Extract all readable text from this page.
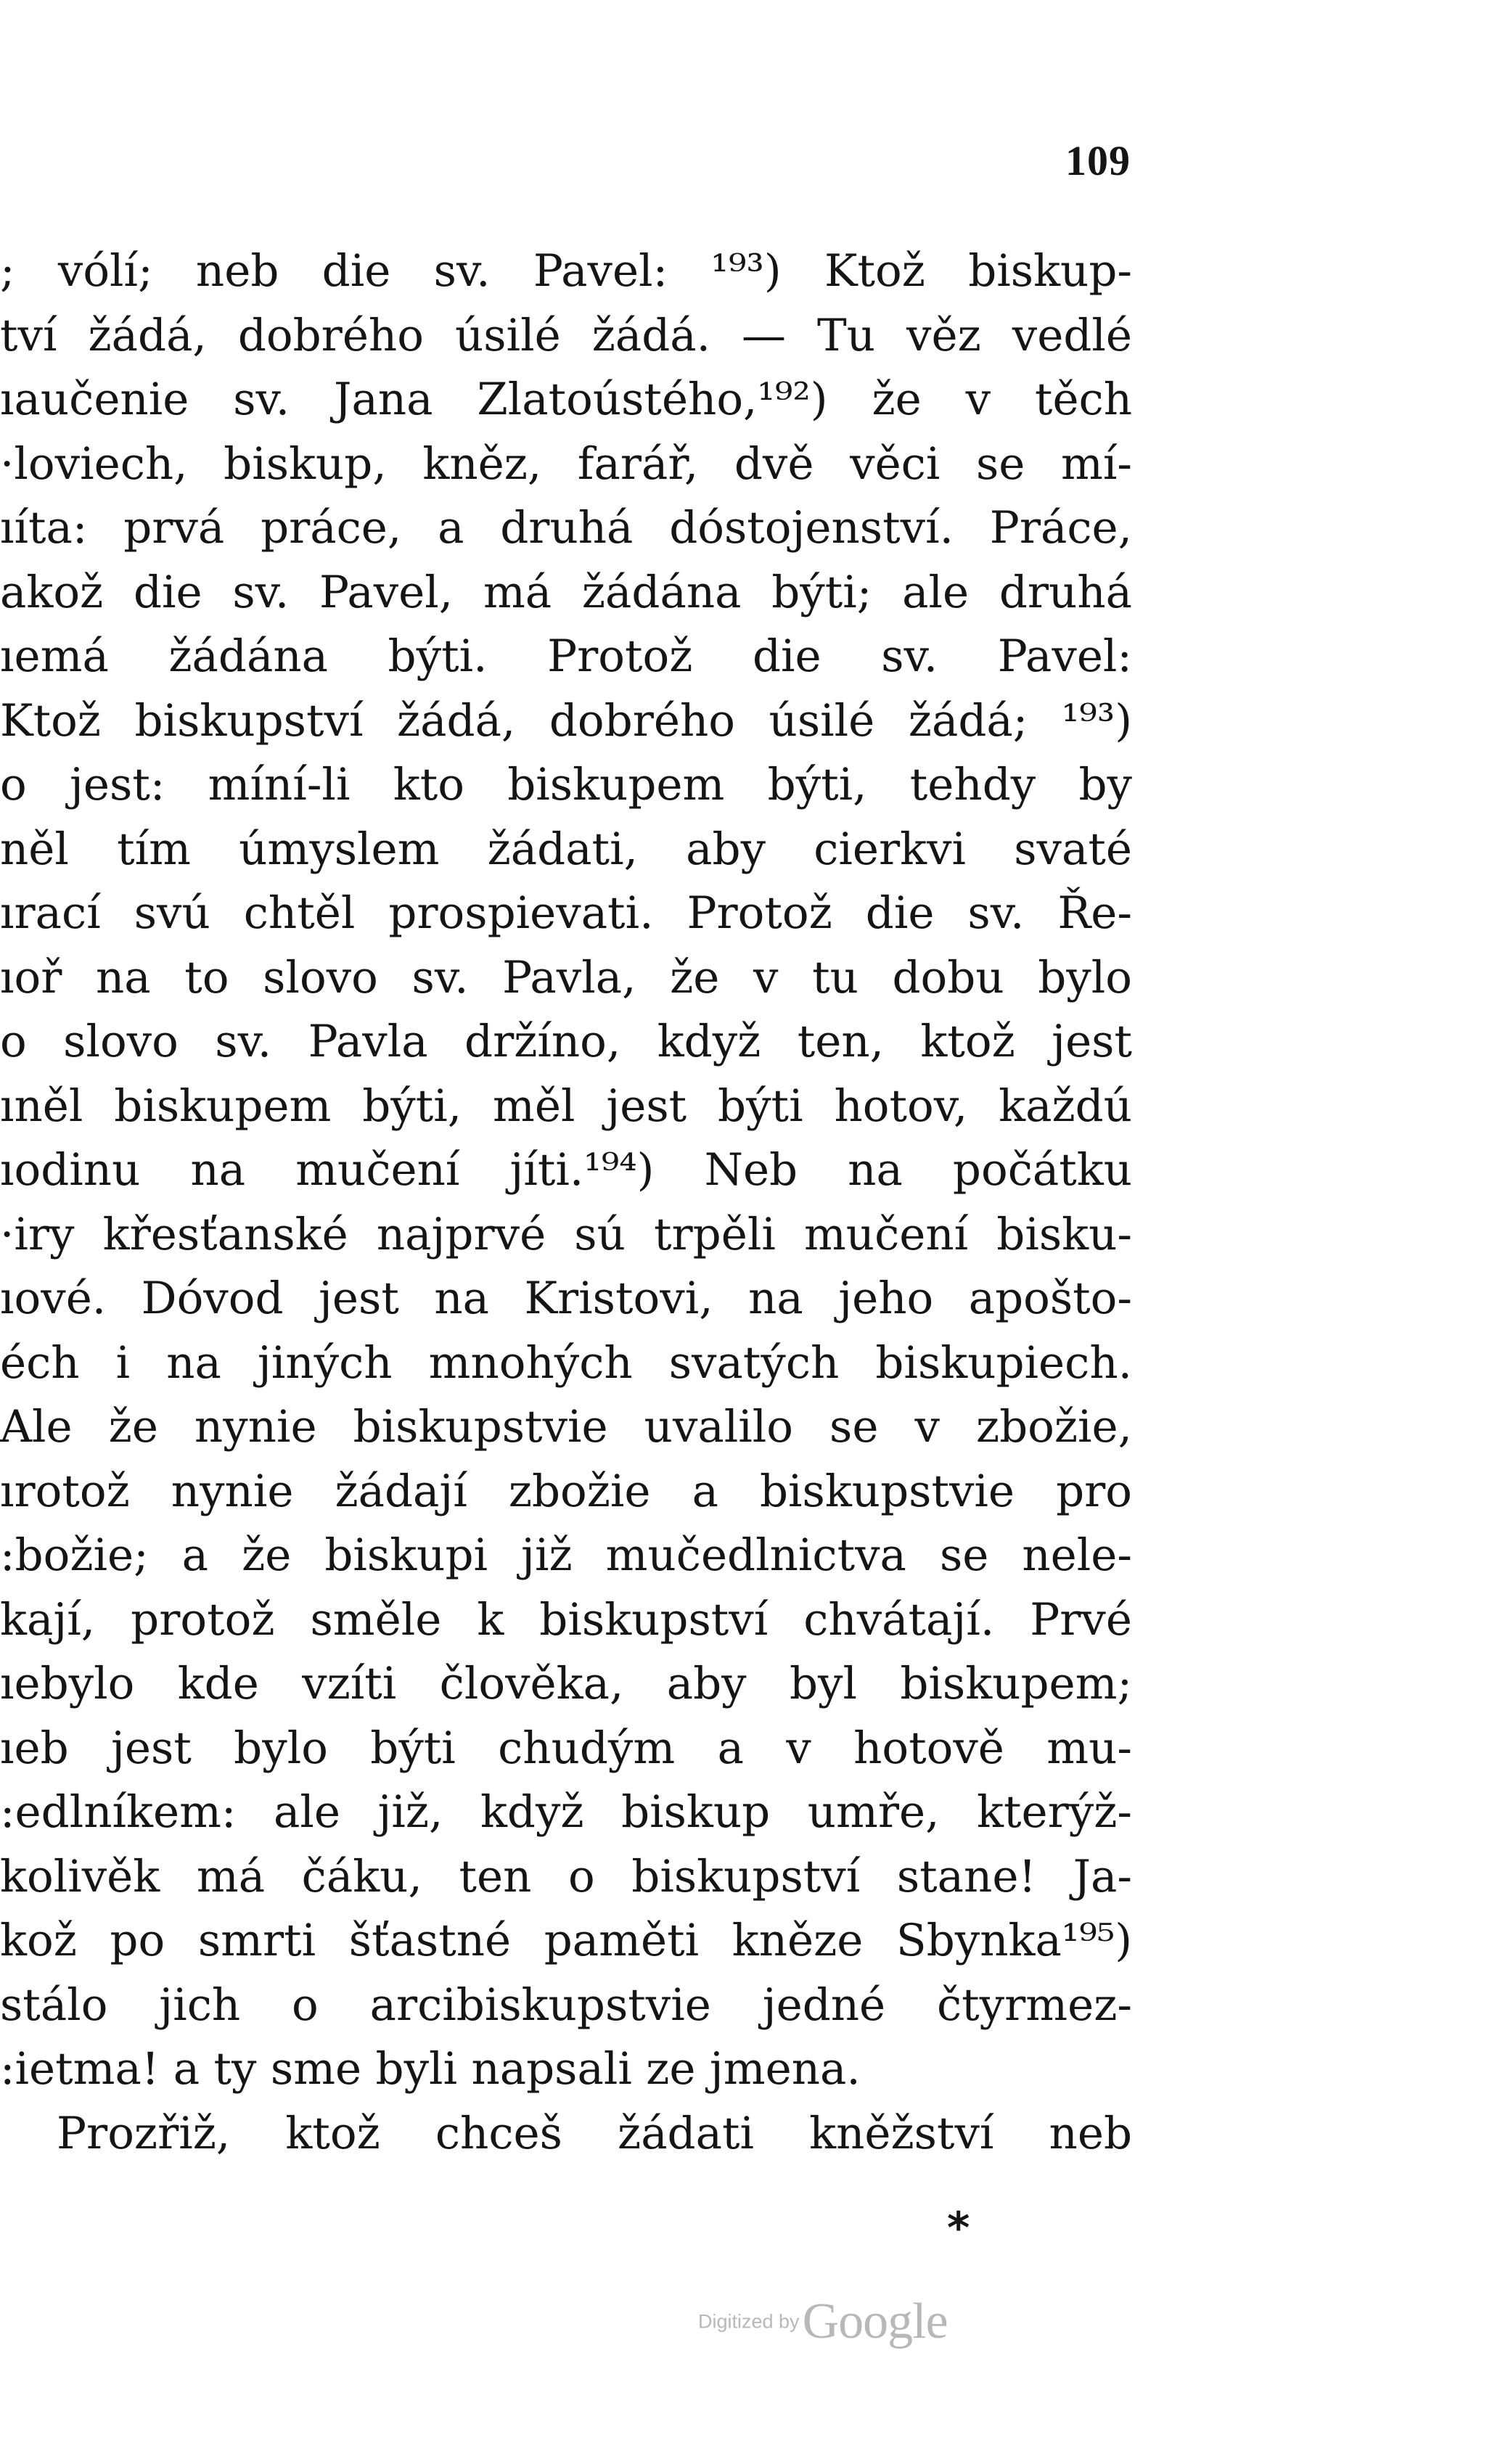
109
; vólí; neb die sv. Pavel: ¹⁹³) Ktož biskup-
tví žádá, dobrého úsilé žádá. — Tu věz vedlé
ıaučenie sv. Jana Zlatoústého,¹⁹²) že v těch
·loviech, biskup, kněz, farář, dvě věci se mí-
ıíta: prvá práce, a druhá dóstojenství. Práce,
akož die sv. Pavel, má žádána býti; ale druhá
ıemá žádána býti. Protož die sv. Pavel:
Ktož biskupství žádá, dobrého úsilé žádá; ¹⁹³)
o jest: míní-li kto biskupem býti, tehdy by
něl tím úmyslem žádati, aby cierkvi svaté
ırací svú chtěl prospievati. Protož die sv. Ře-
ıoř na to slovo sv. Pavla, že v tu dobu bylo
o slovo sv. Pavla držíno, když ten, ktož jest
ıněl biskupem býti, měl jest býti hotov, každú
ıodinu na mučení jíti.¹⁹⁴) Neb na počátku
·iry křesťanské najprvé sú trpěli mučení bisku-
ıové. Dóvod jest na Kristovi, na jeho apošto-
éch i na jiných mnohých svatých biskupiech.
Ale že nynie biskupstvie uvalilo se v zbožie,
ırotož nynie žádají zbožie a biskupstvie pro
:božie; a že biskupi již mučedlnictva se nele-
kají, protož směle k biskupství chvátají. Prvé
ıebylo kde vzíti člověka, aby byl biskupem;
ıeb jest bylo býti chudým a v hotově mu-
:edlníkem: ale již, když biskup umře, kterýž-
kolivěk má čáku, ten o biskupství stane! Ja-
kož po smrti šťastné paměti kněze Sbynka¹⁹⁵)
stálo jich o arcibiskupstvie jedné čtyrmez-
:ietma! a ty sme byli napsali ze jmena.
Prozřiž, ktož chceš žádati kněžství neb
*
Digitized by Google
